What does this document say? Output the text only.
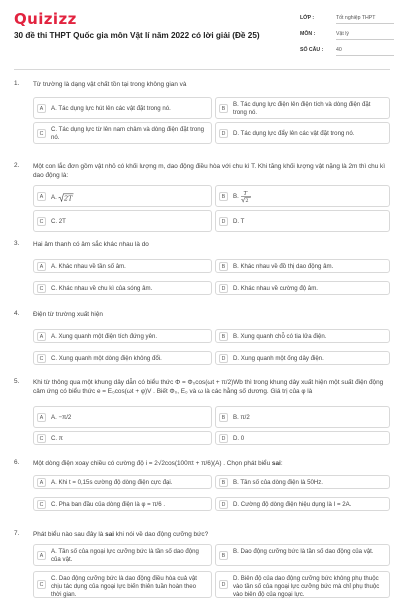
Quizizz
30 đề thi THPT Quốc gia môn Vật lí năm 2022 có lời giải (Đề 25)
LỚP :	Tốt nghiệp THPT
MÔN :	Vật lý
SỐ CÂU : 40
1. Từ trường là dạng vật chất tồn tại trong không gian và
A	A. Tác dụng lực hút lên các vật đặt trong nó.	B
B. Tác dụng lực điện lên điện tích và dòng điện đặt trong nó.
C
C. Tác dụng lực từ lên nam châm và dòng điện đặt trong nó.	D	D. Tác dụng lực đẩy lên các vật đặt trong nó.
2. Một con lắc đơn gồm vật nhỏ có khối lượng m, dao động điều hòa với chu kì T. Khi tăng khối lượng vật nặng là 2m thì chu kì dao động là:
A	A. 2T	B	B. T
2
C	C. 2T	D	D. T
3. Hai âm thanh có âm sắc khác nhau là do
A	A. Khác nhau về tần số âm.	B	B. Khác nhau về đồ thị dao động âm.
C	C. Khác nhau về chu kì của sóng âm.	D	D. Khác nhau về cường độ âm.
4. Điện từ trường xuất hiện
A	A. Xung quanh một điện tích đứng yên.	B	B. Xung quanh chỗ có tia lửa điện.
C	C. Xung quanh một dòng điện không đổi.	D	D. Xung quanh một ống dây điện.
5. Khi từ thông qua một khung dây dẫn có biểu thức Φ = Φ₀cos(ωt + π/2)Wb thì trong khung dây xuất hiện một suất điện động cảm ứng có biểu thức e = E₀cos(ωt + φ)V . Biết Φ₀, E₀ và ω là các hằng số dương. Giá trị của φ là
A	A. −π/2	B	B. π/2
C	C. π	D	D. 0
6. Một dòng điện xoay chiều có cường độ i = 2√2cos(100πt + π/6)(A) . Chọn phát biểu sai:
A	A. Khi t = 0,15s cường độ dòng điện cực đại.	B	B. Tần số của dòng điện là 50Hz.
C	C. Pha ban đầu của dòng điện là φ = π/6 .	D	D. Cường độ dòng điện hiệu dụng là I = 2A.
7. Phát biểu nào sau đây là sai khi nói về dao động cưỡng bức?
A
A. Tần số của ngoại lực cưỡng bức là tần số dao động của vật.	B
B. Dao động cưỡng bức là tần số dao động của vật.
C
C. Dao động cưỡng bức là dao động điều hòa cuả vật chịu tác dụng của ngoại lực biến thiên tuần hoàn theo thời gian.
D
D. Biên độ của dao động cưỡng bức không phụ thuộc vào tần số của ngoại lực cưỡng bức mà chỉ phụ thuộc vào biên độ của ngoại lực.
